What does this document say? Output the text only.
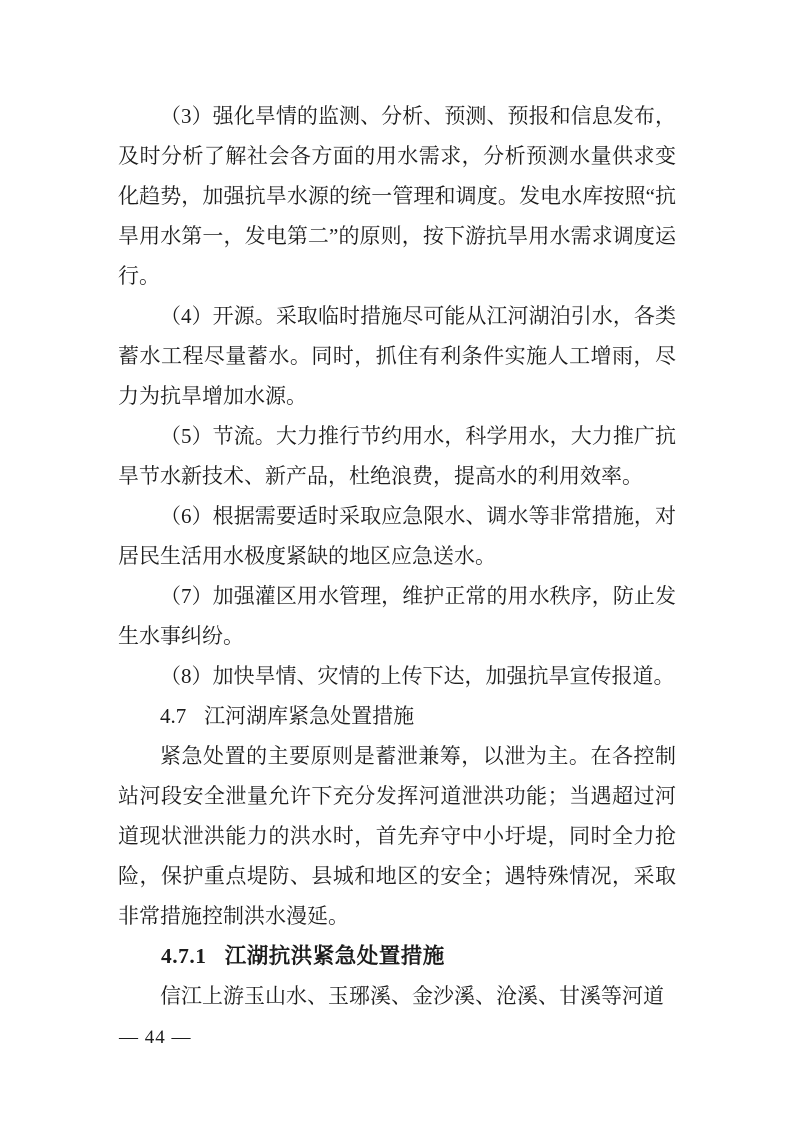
（3）强化旱情的监测、分析、预测、预报和信息发布，及时分析了解社会各方面的用水需求，分析预测水量供求变化趋势，加强抗旱水源的统一管理和调度。发电水库按照“抗旱用水第一，发电第二”的原则，按下游抗旱用水需求调度运行。

（4）开源。采取临时措施尽可能从江河湖泊引水，各类蓄水工程尽量蓄水。同时，抓住有利条件实施人工增雨，尽力为抗旱增加水源。

（5）节流。大力推行节约用水，科学用水，大力推广抗旱节水新技术、新产品，杜绝浪费，提高水的利用效率。

（6）根据需要适时采取应急限水、调水等非常措施，对居民生活用水极度紧缺的地区应急送水。

（7）加强灌区用水管理，维护正常的用水秩序，防止发生水事纠纷。

（8）加快旱情、灾情的上传下达，加强抗旱宣传报道。

4.7 江河湖库紧急处置措施

紧急处置的主要原则是蓄泄兼筹，以泄为主。在各控制站河段安全泄量允许下充分发挥河道泄洪功能；当遇超过河道现状泄洪能力的洪水时，首先弃守中小圩堤，同时全力抢险，保护重点堤防、县城和地区的安全；遇特殊情况，采取非常措施控制洪水漫延。

4.7.1 江湖抗洪紧急处置措施

信江上游玉山水、玉琊溪、金沙溪、沧溪、甘溪等河道

— 44 —
